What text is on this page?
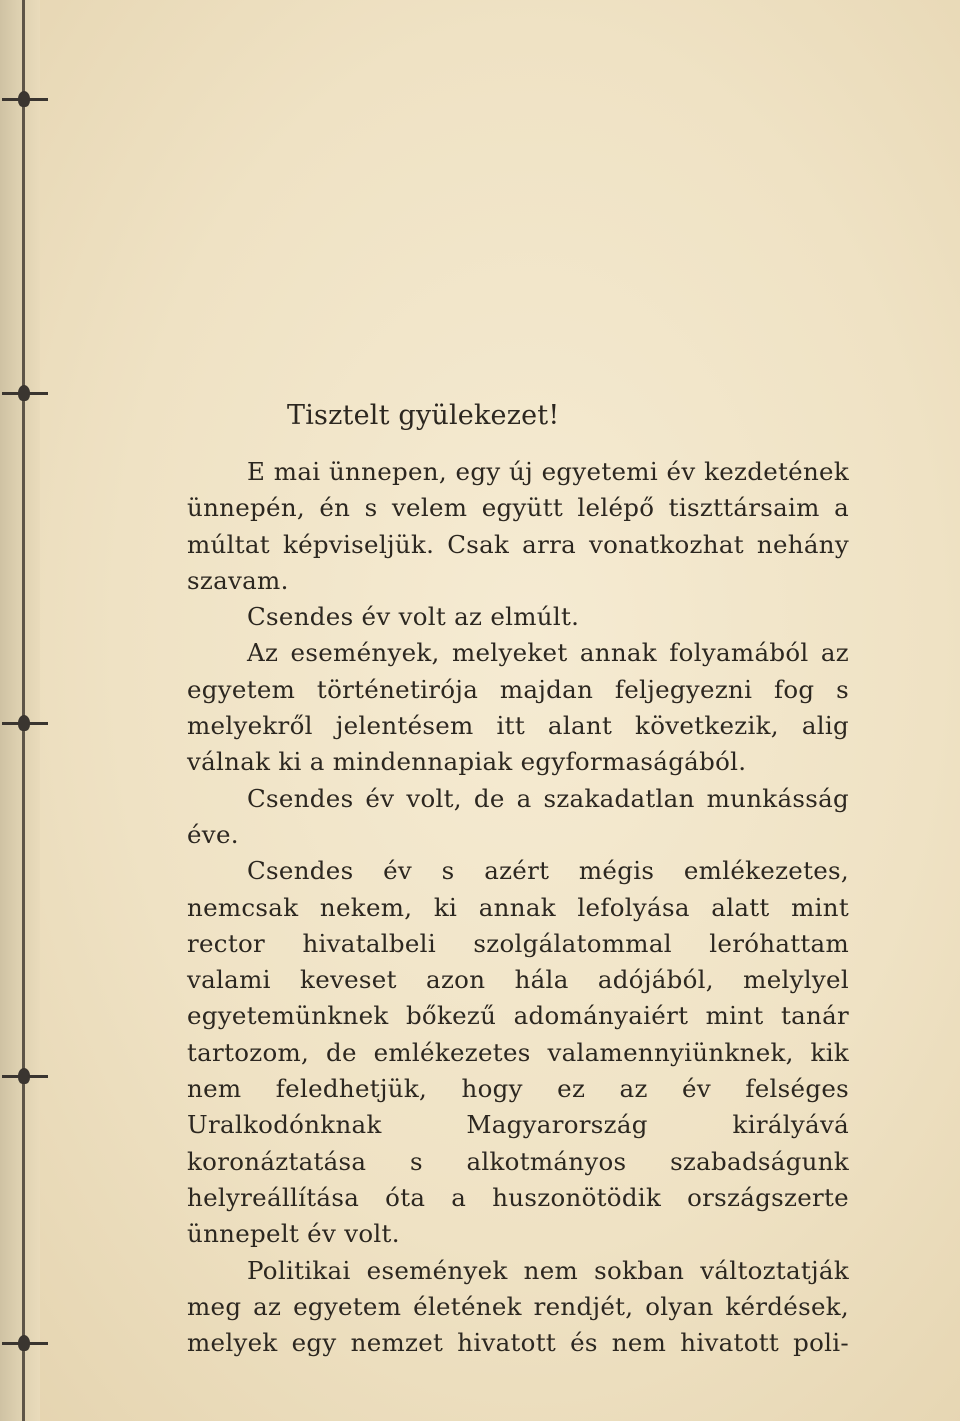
Tisztelt gyülekezet!

E mai ünnepen, egy új egyetemi év kezdetének ünnepén, én s velem együtt lelépő tiszttársaim a múltat képviseljük. Csak arra vonatkozhat nehány szavam.

Csendes év volt az elmúlt.

Az események, melyeket annak folyamából az egyetem történetirója majdan feljegyezni fog s melyekről jelentésem itt alant következik, alig válnak ki a mindennapiak egyformaságából.

Csendes év volt, de a szakadatlan munkásság éve.

Csendes év s azért mégis emlékezetes, nemcsak nekem, ki annak lefolyása alatt mint rector hivatalbeli szolgálatommal leróhattam valami keveset azon hála adójából, melylyel egyetemünknek bőkezű adományaiért mint tanár tartozom, de emlékezetes valamennyiünknek, kik nem feledhetjük, hogy ez az év felséges Uralkodónknak Magyarország királyává koronáztatása s alkotmányos szabadságunk helyreállítása óta a huszonötödik országszerte ünnepelt év volt.

Politikai események nem sokban változtatják meg az egyetem életének rendjét, olyan kérdések, melyek egy nemzet hivatott és nem hivatott poli-
